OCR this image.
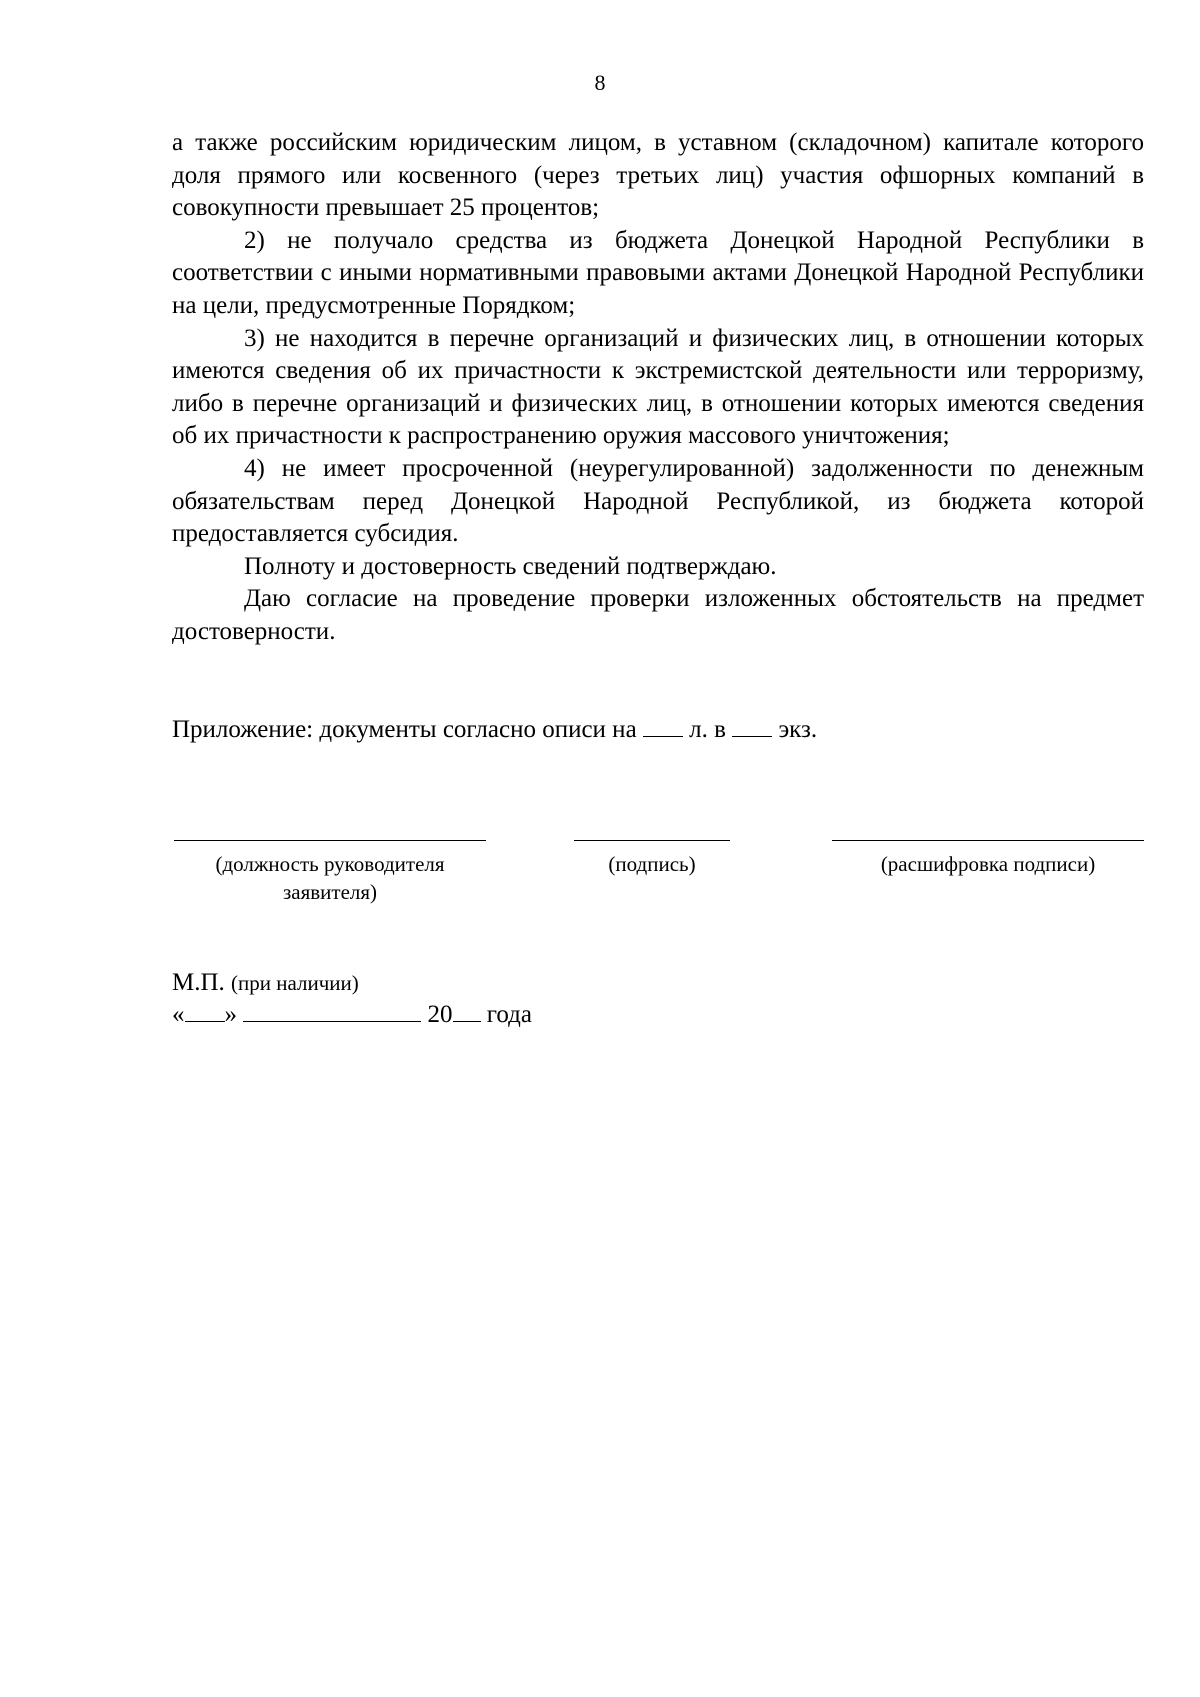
8

а также российским юридическим лицом, в уставном (складочном) капитале которого доля прямого или косвенного (через третьих лиц) участия офшорных компаний в совокупности превышает 25 процентов;

2) не получало средства из бюджета Донецкой Народной Республики в соответствии с иными нормативными правовыми актами Донецкой Народной Республики на цели, предусмотренные Порядком;

3) не находится в перечне организаций и физических лиц, в отношении которых имеются сведения об их причастности к экстремистской деятельности или терроризму, либо в перечне организаций и физических лиц, в отношении которых имеются сведения об их причастности к распространению оружия массового уничтожения;

4) не имеет просроченной (неурегулированной) задолженности по денежным обязательствам перед Донецкой Народной Республикой, из бюджета которой предоставляется субсидия.

Полноту и достоверность сведений подтверждаю.

Даю согласие на проведение проверки изложенных обстоятельств на предмет достоверности.

Приложение: документы согласно описи на л. в экз.
(должность руководителя
заявителя)
(подпись)	(расшифровка подписи)
М.П. (при наличии)
« »	20 года
